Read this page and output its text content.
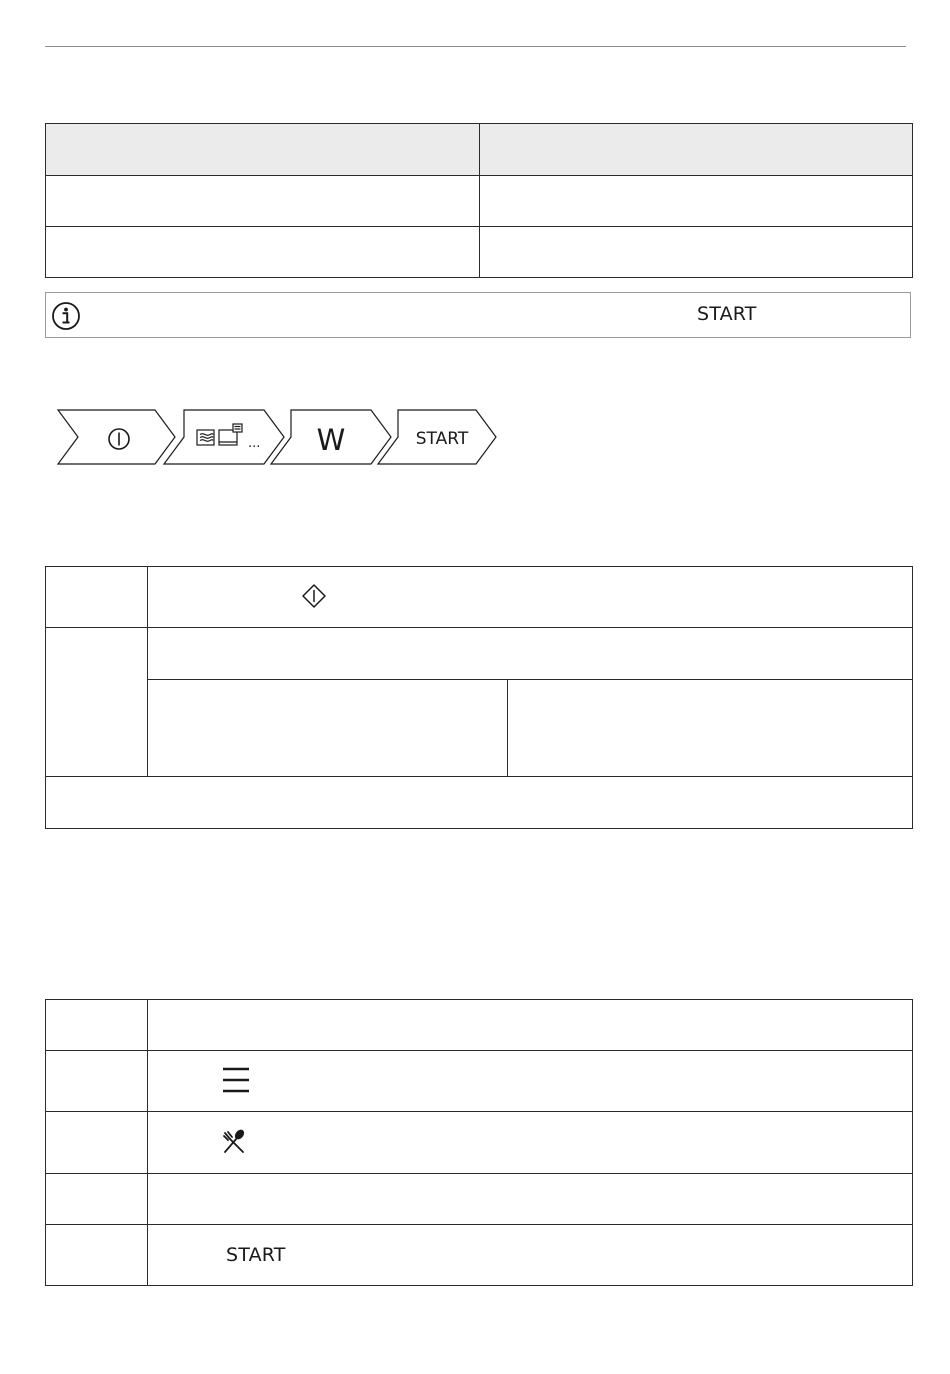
START
... W	START

	START
